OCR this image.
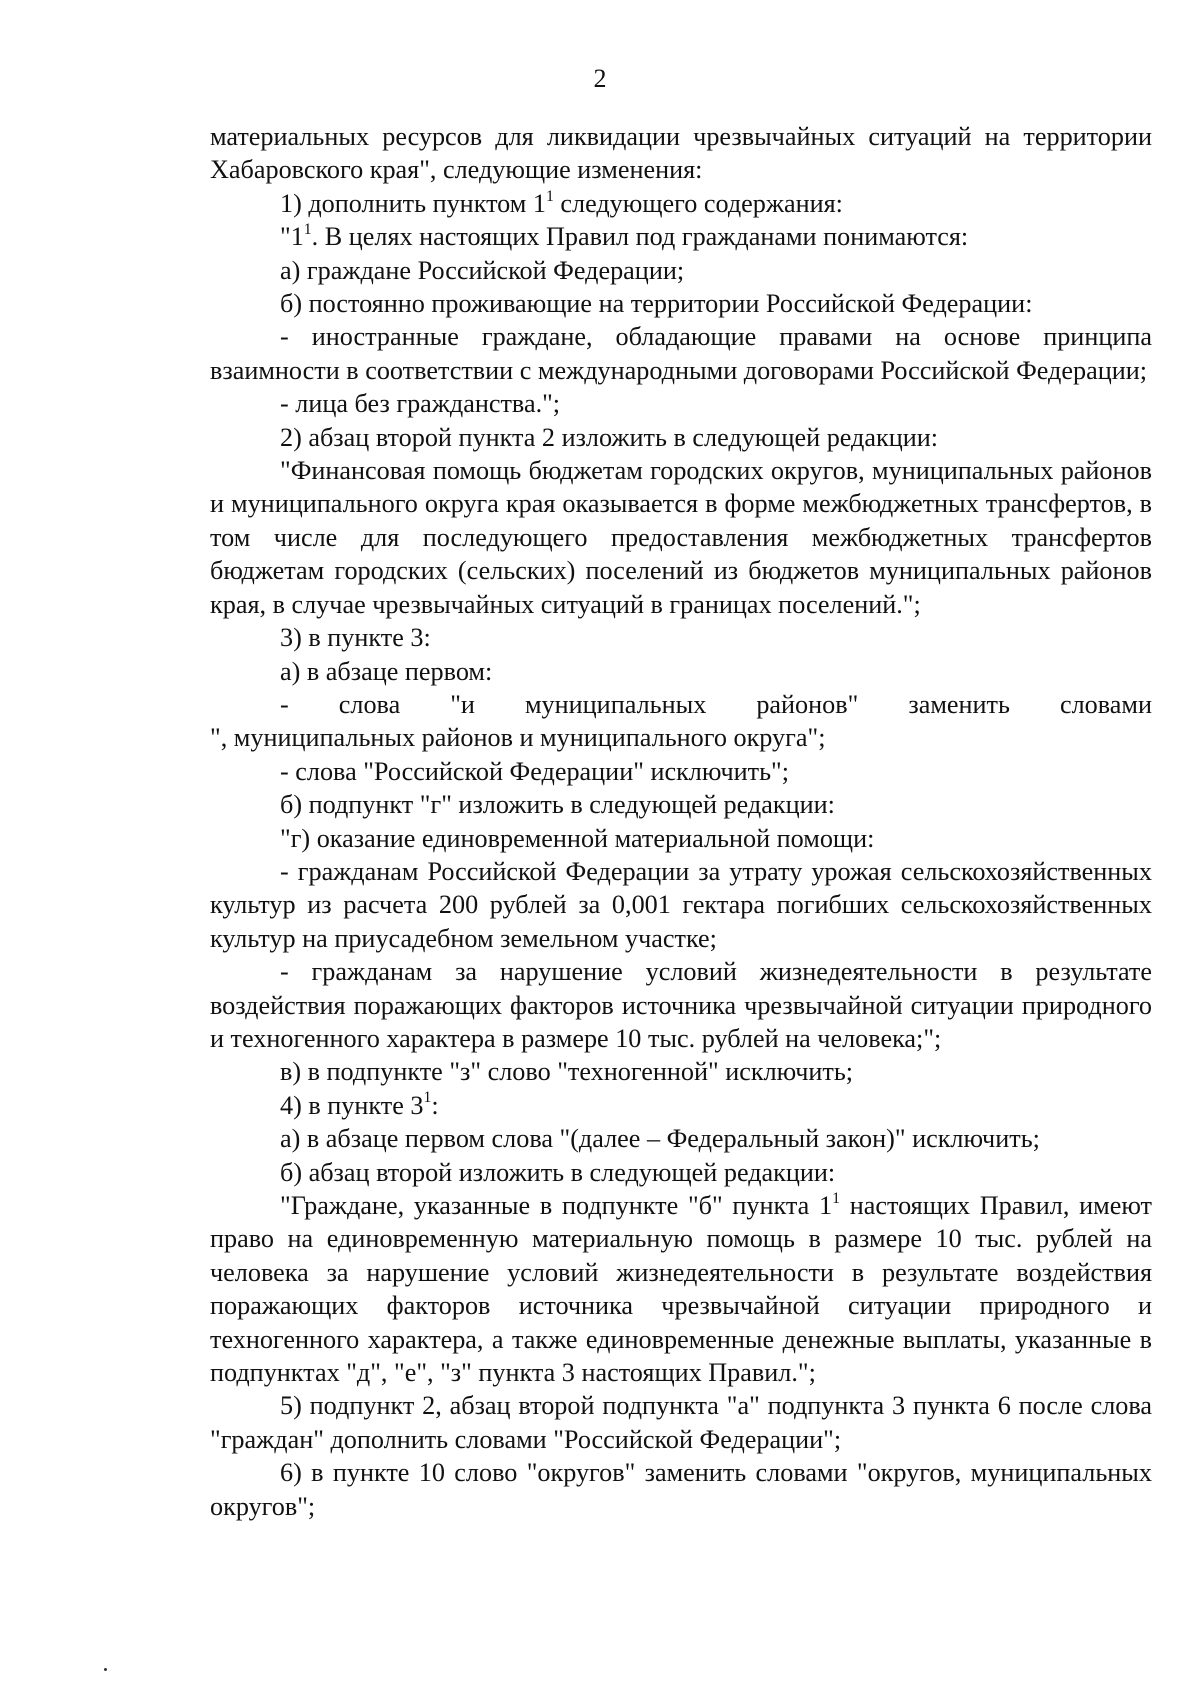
2

материальных ресурсов для ликвидации чрезвычайных ситуаций на территории Хабаровского края", следующие изменения:

1) дополнить пунктом $1^1$ следующего содержания:

"$1^1$. В целях настоящих Правил под гражданами понимаются:

а) граждане Российской Федерации;

б) постоянно проживающие на территории Российской Федерации:

- иностранные граждане, обладающие правами на основе принципа взаимности в соответствии с международными договорами Российской Федерации;

- лица без гражданства.";

2) абзац второй пункта 2 изложить в следующей редакции:

"Финансовая помощь бюджетам городских округов, муниципальных районов и муниципального округа края оказывается в форме межбюджетных трансфертов, в том числе для последующего предоставления межбюджетных трансфертов бюджетам городских (сельских) поселений из бюджетов муниципальных районов края, в случае чрезвычайных ситуаций в границах поселений.";

3) в пункте 3:

а) в абзаце первом:

- слова "и муниципальных районов" заменить словами

", муниципальных районов и муниципального округа";

- слова "Российской Федерации" исключить";

б) подпункт "г" изложить в следующей редакции:

"г) оказание единовременной материальной помощи:

- гражданам Российской Федерации за утрату урожая сельскохозяйственных культур из расчета 200 рублей за 0,001 гектара погибших сельскохозяйственных культур на приусадебном земельном участке;

- гражданам за нарушение условий жизнедеятельности в результате воздействия поражающих факторов источника чрезвычайной ситуации природного и техногенного характера в размере 10 тыс. рублей на человека;";

в) в подпункте "з" слово "техногенной" исключить;

4) в пункте $3^1$:

а) в абзаце первом слова "(далее – Федеральный закон)" исключить;

б) абзац второй изложить в следующей редакции:

"Граждане, указанные в подпункте "б" пункта $1^1$ настоящих Правил, имеют право на единовременную материальную помощь в размере 10 тыс. рублей на человека за нарушение условий жизнедеятельности в результате воздействия поражающих факторов источника чрезвычайной ситуации природного и техногенного характера, а также единовременные денежные выплаты, указанные в подпунктах "д", "е", "з" пункта 3 настоящих Правил.";

5) подпункт 2, абзац второй подпункта "а" подпункта 3 пункта 6 после слова "граждан" дополнить словами "Российской Федерации";

6) в пункте 10 слово "округов" заменить словами "округов, муниципальных округов";
